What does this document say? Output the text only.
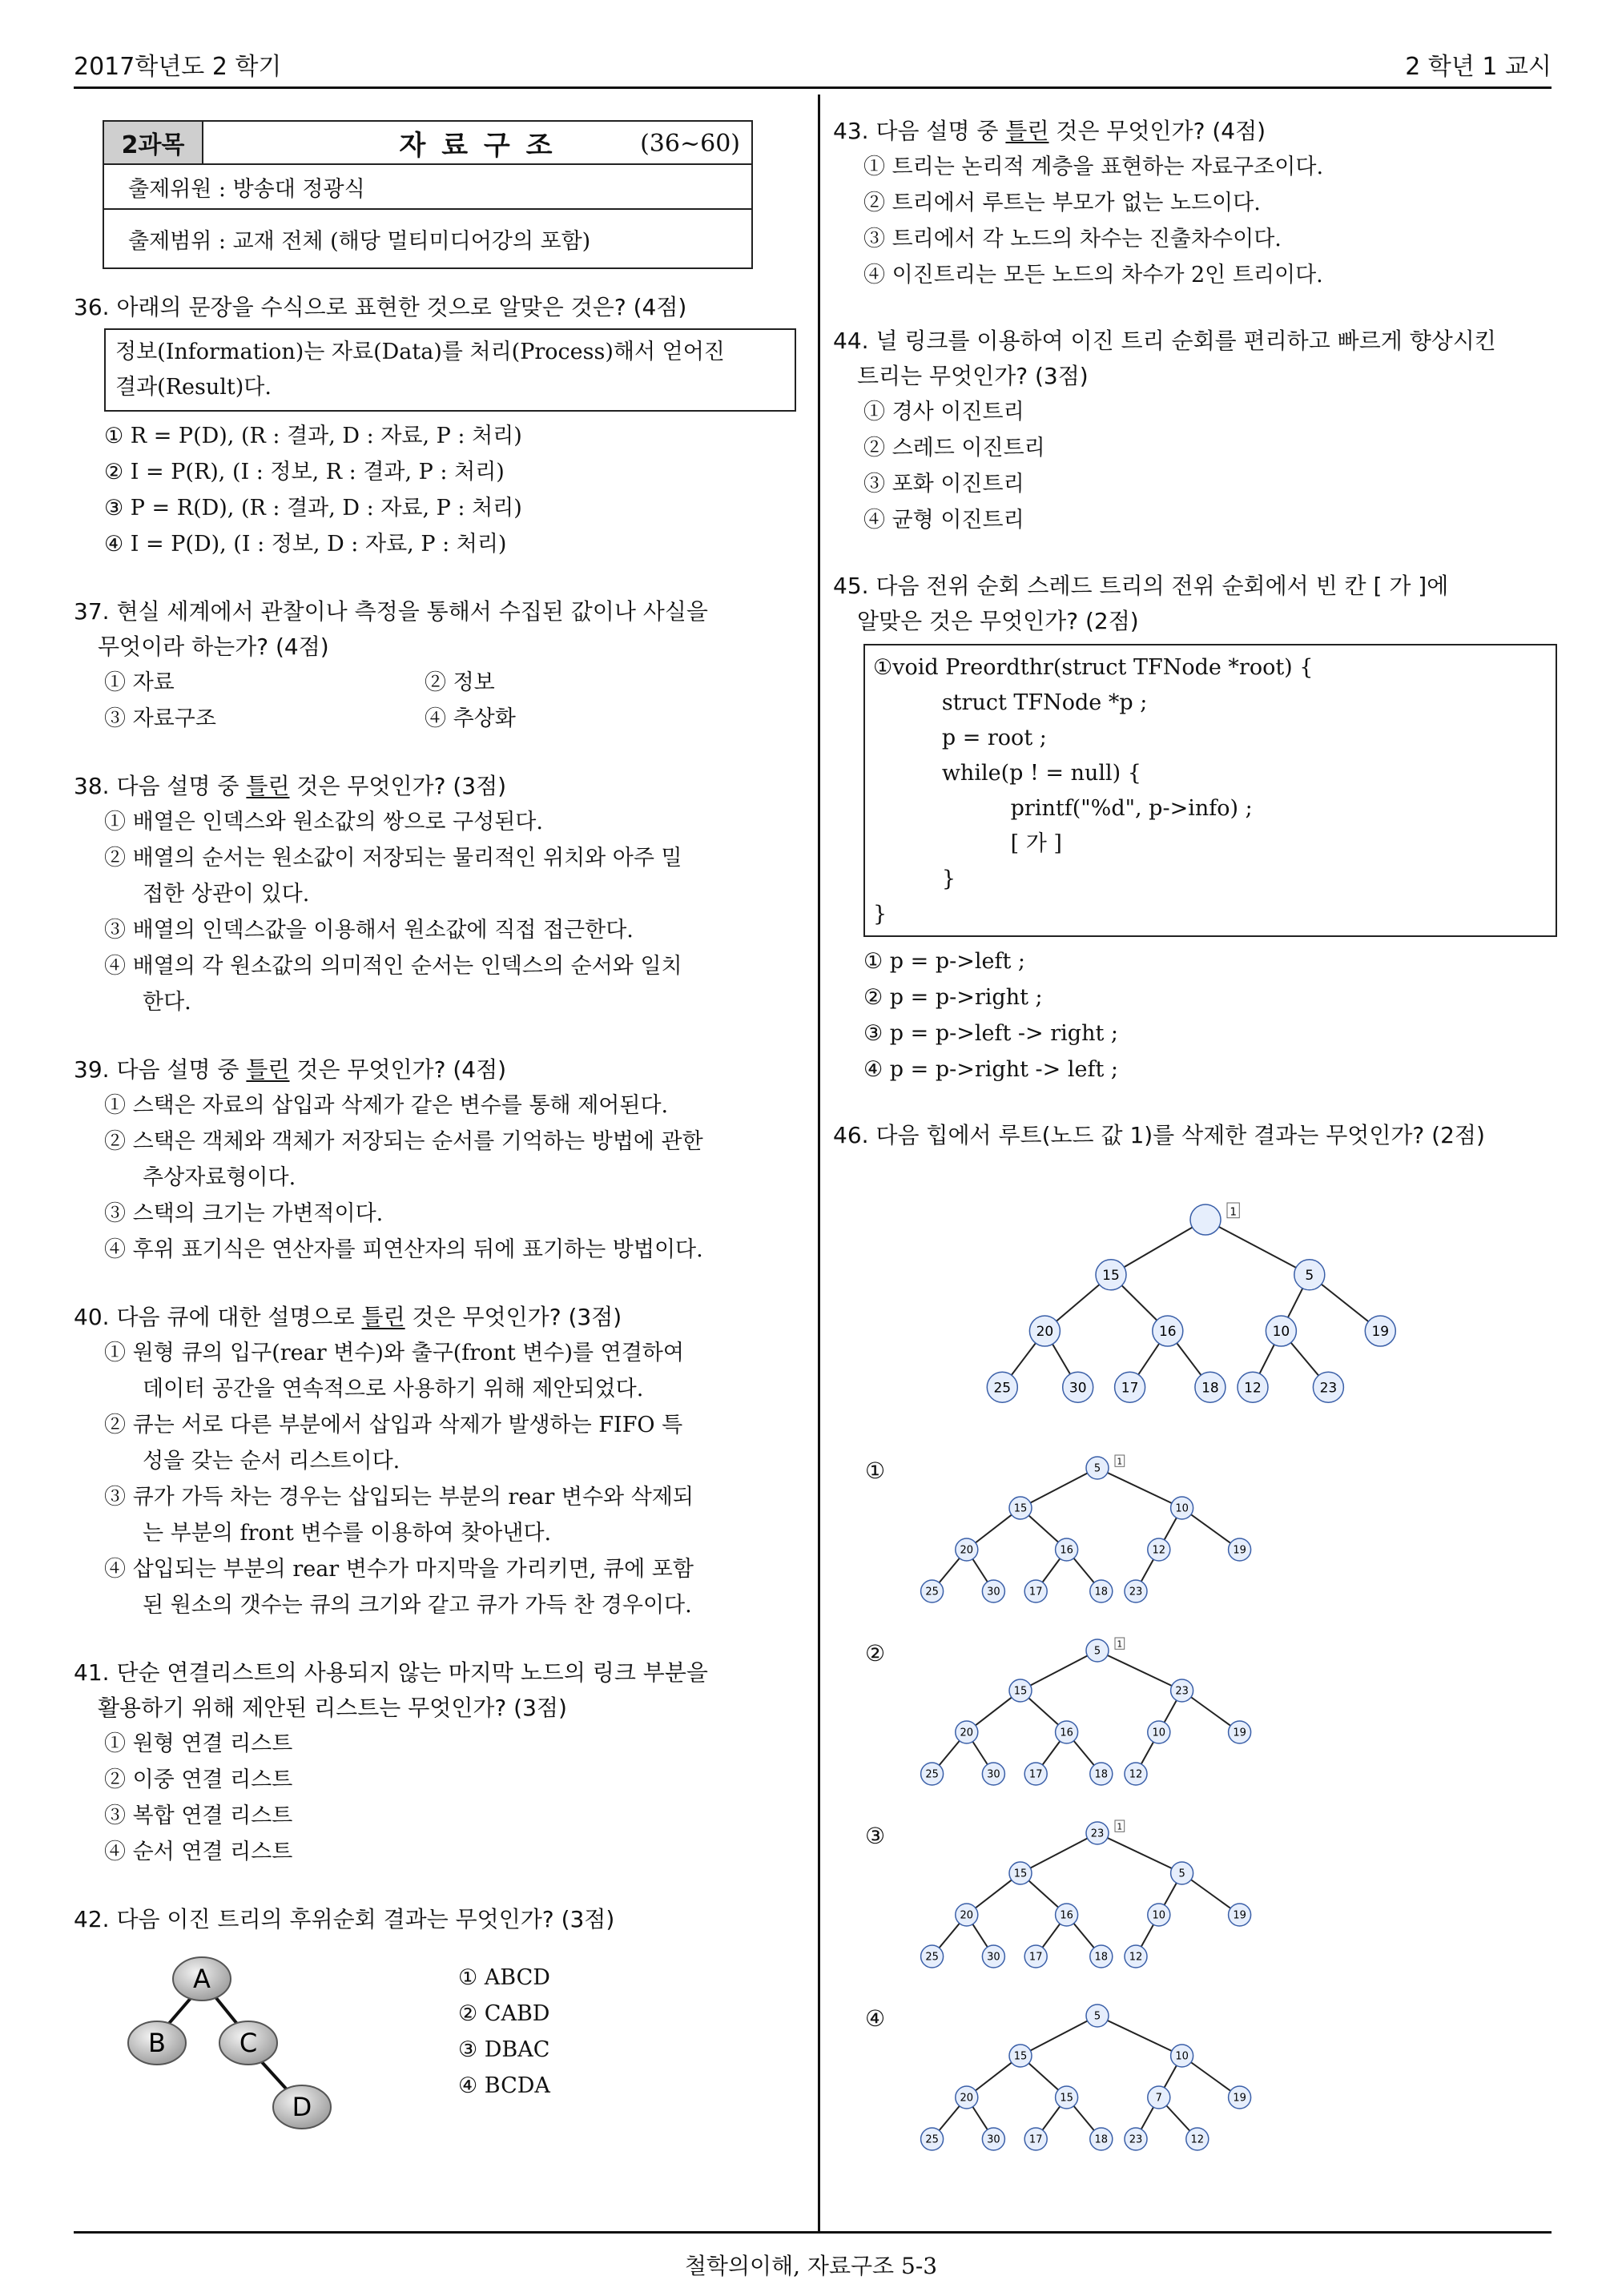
2017학년도 2 학기	2 학년 1 교시
2과목	자 료 구 조	(36~60)

출제위원 : 방송대 정광식
출제범위 : 교재 전체 (해당 멀티미디어강의 포함)

36. 아래의 문장을 수식으로 표현한 것으로 알맞은 것은? (4점)

정보(Information)는 자료(Data)를 처리(Process)해서 얻어진
결과(Result)다.

① R = P(D), (R : 결과, D : 자료, P : 처리)

② I = P(R), (I : 정보, R : 결과, P : 처리)

③ P = R(D), (R : 결과, D : 자료, P : 처리)

④ I = P(D), (I : 정보, D : 자료, P : 처리)

37. 현실 세계에서 관찰이나 측정을 통해서 수집된 값이나 사실을
무엇이라 하는가? (4점)

① 자료	② 정보
③ 자료구조	④ 추상화

38. 다음 설명 중 틀린 것은 무엇인가? (3점)

① 배열은 인덱스와 원소값의 쌍으로 구성된다.

② 배열의 순서는 원소값이 저장되는 물리적인 위치와 아주 밀
접한 상관이 있다.

③ 배열의 인덱스값을 이용해서 원소값에 직접 접근한다.

④ 배열의 각 원소값의 의미적인 순서는 인덱스의 순서와 일치
한다.

39. 다음 설명 중 틀린 것은 무엇인가? (4점)

① 스택은 자료의 삽입과 삭제가 같은 변수를 통해 제어된다.

② 스택은 객체와 객체가 저장되는 순서를 기억하는 방법에 관한
추상자료형이다.

③ 스택의 크기는 가변적이다.

④ 후위 표기식은 연산자를 피연산자의 뒤에 표기하는 방법이다.

40. 다음 큐에 대한 설명으로 틀린 것은 무엇인가? (3점)

① 원형 큐의 입구(rear 변수)와 출구(front 변수)를 연결하여
데이터 공간을 연속적으로 사용하기 위해 제안되었다.

② 큐는 서로 다른 부분에서 삽입과 삭제가 발생하는 FIFO 특
성을 갖는 순서 리스트이다.

③ 큐가 가득 차는 경우는 삽입되는 부분의 rear 변수와 삭제되
는 부분의 front 변수를 이용하여 찾아낸다.

④ 삽입되는 부분의 rear 변수가 마지막을 가리키면, 큐에 포함
된 원소의 갯수는 큐의 크기와 같고 큐가 가득 찬 경우이다.

41. 단순 연결리스트의 사용되지 않는 마지막 노드의 링크 부분을
활용하기 위해 제안된 리스트는 무엇인가? (3점)

① 원형 연결 리스트

② 이중 연결 리스트

③ 복합 연결 리스트

④ 순서 연결 리스트

42. 다음 이진 트리의 후위순회 결과는 무엇인가? (3점)

A
B	C
D

① ABCD

② CABD

③ DBAC

④ BCDA

43. 다음 설명 중 틀린 것은 무엇인가? (4점)

① 트리는 논리적 계층을 표현하는 자료구조이다.

② 트리에서 루트는 부모가 없는 노드이다.

③ 트리에서 각 노드의 차수는 진출차수이다.

④ 이진트리는 모든 노드의 차수가 2인 트리이다.

44. 널 링크를 이용하여 이진 트리 순회를 편리하고 빠르게 향상시킨
트리는 무엇인가? (3점)

① 경사 이진트리

② 스레드 이진트리

③ 포화 이진트리

④ 균형 이진트리

45. 다음 전위 순회 스레드 트리의 전위 순회에서 빈 칸 [ 가 ]에
알맞은 것은 무엇인가? (2점)

①void Preordthr(struct TFNode *root) {
struct TFNode *p ;
p = root ;
while(p ! = null) {
printf("%d", p->info) ;
[ 가 ]
}
}

① p = p->left ;

② p = p->right ;

③ p = p->left -> right ;

④ p = p->right -> left ;

46. 다음 힙에서 루트(노드 값 1)를 삭제한 결과는 무엇인가? (2점)

15	5
20	16	10	19
25	30	17	18 12	23
1
①	5
15	10
20	16	12	19
25	30	17	18 23
1
②	5
15	23
20	16	10	19
25	30	17	18 12
1
③	23
15	5
20	16	10	19
25	30	17	18 12
1
④	5
15	10
20	15	7	19
25	30	17	18 23	12
철학의이해, 자료구조 5-3
